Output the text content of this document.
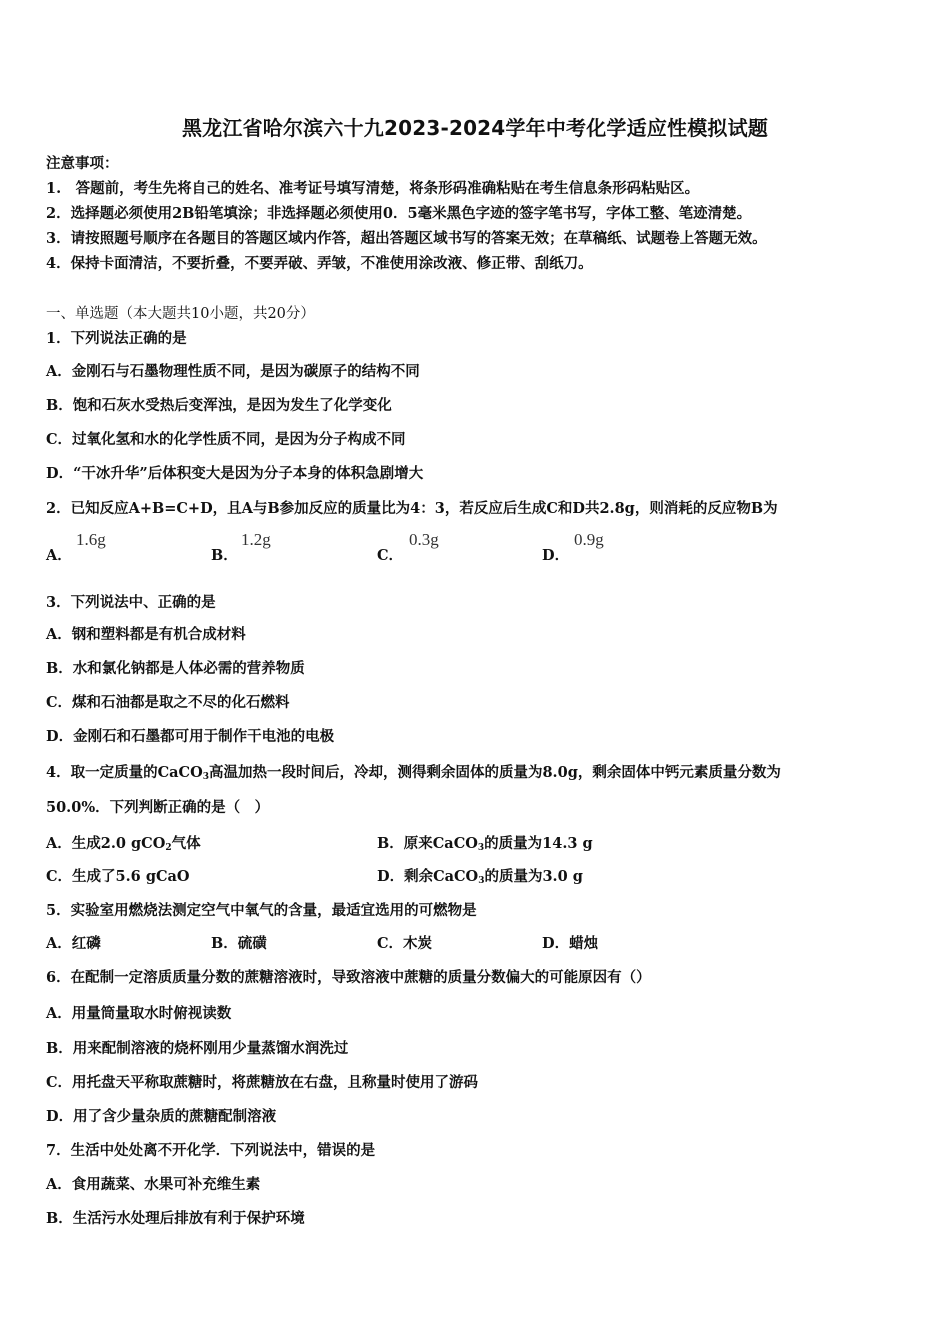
黑龙江省哈尔滨六十九2023-2024学年中考化学适应性模拟试题
注意事项：
1.　答题前，考生先将自己的姓名、准考证号填写清楚，将条形码准确粘贴在考生信息条形码粘贴区。
2．选择题必须使用2B铅笔填涂；非选择题必须使用0．5毫米黑色字迹的签字笔书写，字体工整、笔迹清楚。
3．请按照题号顺序在各题目的答题区域内作答，超出答题区域书写的答案无效；在草稿纸、试题卷上答题无效。
4．保持卡面清洁，不要折叠，不要弄破、弄皱，不准使用涂改液、修正带、刮纸刀。
一、单选题（本大题共10小题，共20分）
1．下列说法正确的是
A．金刚石与石墨物理性质不同，是因为碳原子的结构不同
B．饱和石灰水受热后变浑浊，是因为发生了化学变化
C．过氧化氢和水的化学性质不同，是因为分子构成不同
D．“干冰升华”后体积变大是因为分子本身的体积急剧增大
2．已知反应A+B=C+D，且A与B参加反应的质量比为4：3，若反应后生成C和D共2.8g，则消耗的反应物B为
A．
1.6g
B．
1.2g
C．
0.3g
D．
0.9g
3．下列说法中、正确的是
A．钢和塑料都是有机合成材料
B．水和氯化钠都是人体必需的营养物质
C．煤和石油都是取之不尽的化石燃料
D．金刚石和石墨都可用于制作干电池的电极
4．取一定质量的CaCO$_3$高温加热一段时间后，冷却，测得剩余固体的质量为8.0g，剩余固体中钙元素质量分数为
50.0%．下列判断正确的是（　）
A．生成2.0 gCO$_2$气体	B．原来CaCO$_3$的质量为14.3 g
C．生成了5.6 gCaO	D．剩余CaCO$_3$的质量为3.0 g
5．实验室用燃烧法测定空气中氧气的含量，最适宜选用的可燃物是
A．红磷	B．硫磺	C．木炭	D．蜡烛
6．在配制一定溶质质量分数的蔗糖溶液时，导致溶液中蔗糖的质量分数偏大的可能原因有（）
A．用量筒量取水时俯视读数
B．用来配制溶液的烧杯刚用少量蒸馏水润洗过
C．用托盘天平称取蔗糖时，将蔗糖放在右盘，且称量时使用了游码
D．用了含少量杂质的蔗糖配制溶液
7．生活中处处离不开化学．下列说法中，错误的是
A．食用蔬菜、水果可补充维生素
B．生活污水处理后排放有利于保护环境
